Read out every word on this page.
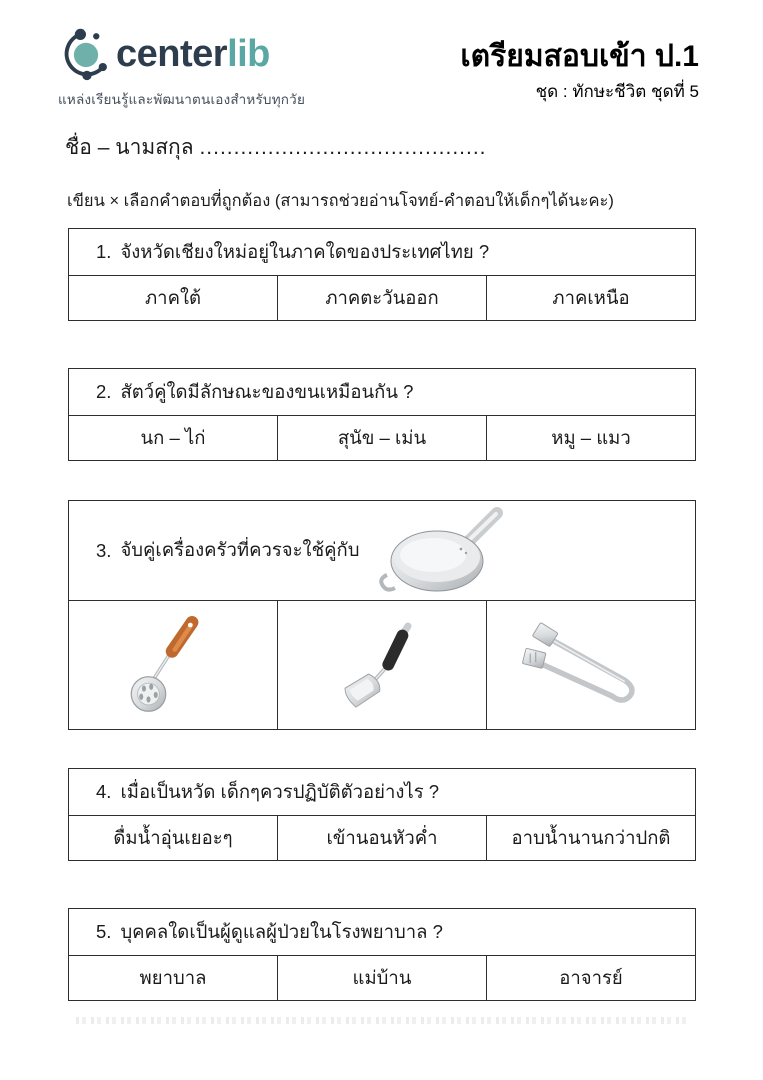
centerlib
แหล่งเรียนรู้และพัฒนาตนเองสำหรับทุกวัย
เตรียมสอบเข้า ป.1
ชุด : ทักษะชีวิต ชุดที่ 5
ชื่อ – นามสกุล ..........................................
เขียน × เลือกคำตอบที่ถูกต้อง (สามารถช่วยอ่านโจทย์-คำตอบให้เด็กๆได้นะคะ)
1. จังหวัดเชียงใหม่อยู่ในภาคใดของประเทศไทย ?
ภาคใต้	ภาคตะวันออก	ภาคเหนือ
2. สัตว์คู่ใดมีลักษณะของขนเหมือนกัน ?
นก – ไก่	สุนัข – เม่น	หมู – แมว
3. จับคู่เครื่องครัวที่ควรจะใช้คู่กับ
4. เมื่อเป็นหวัด เด็กๆควรปฏิบัติตัวอย่างไร ?
ดื่มน้ำอุ่นเยอะๆ	เข้านอนหัวค่ำ	อาบน้ำนานกว่าปกติ
5. บุคคลใดเป็นผู้ดูแลผู้ป่วยในโรงพยาบาล ?
พยาบาล	แม่บ้าน	อาจารย์
